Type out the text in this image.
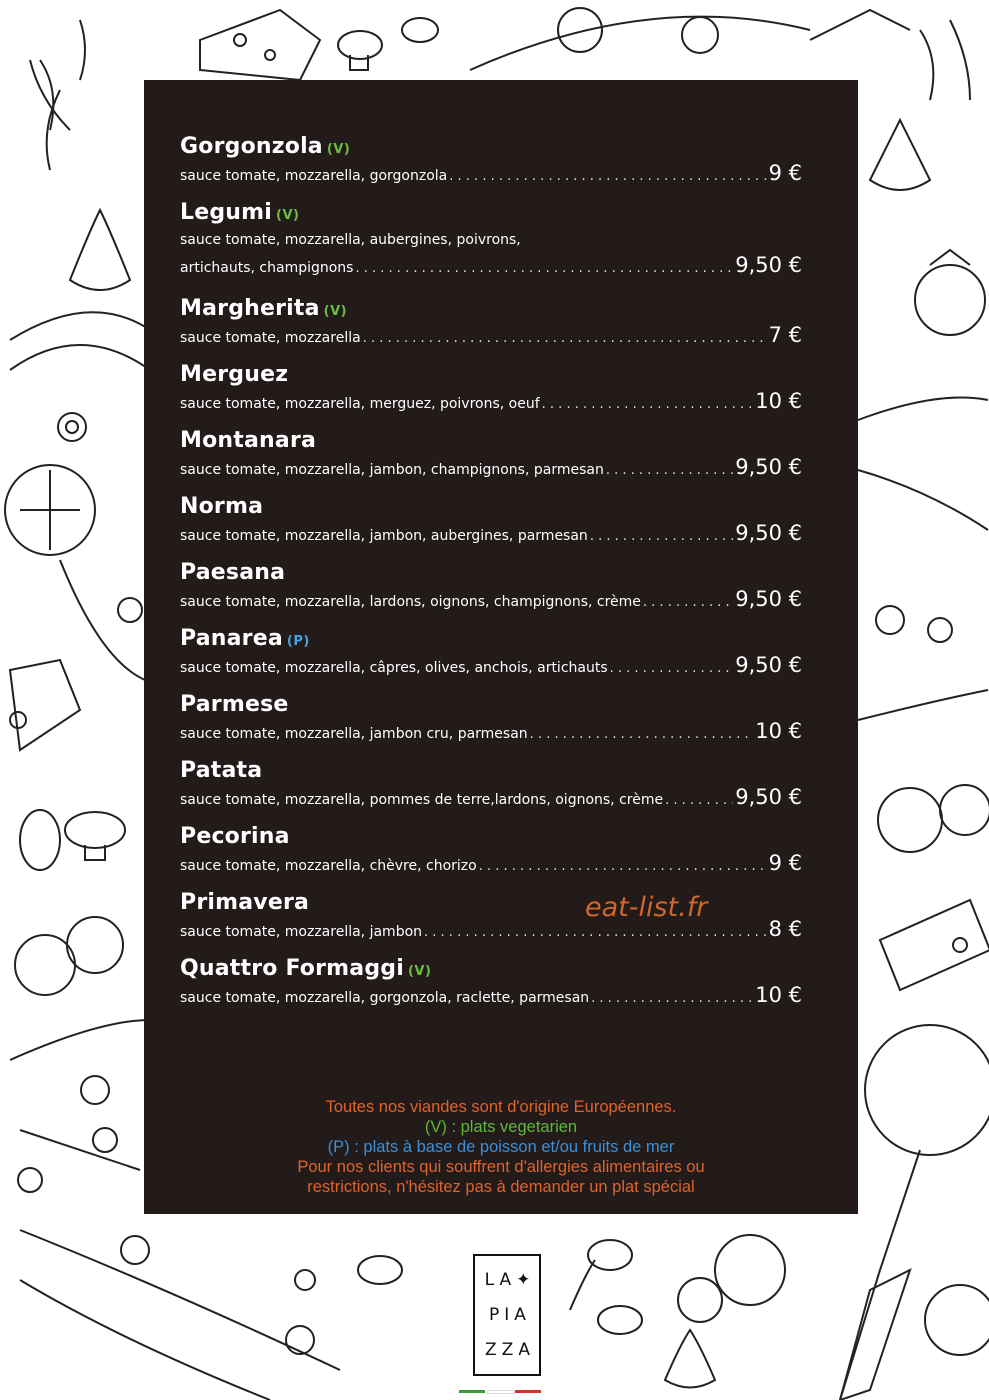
Gorgonzola (V)
sauce tomate, mozzarella, gorgonzola . . .	9 €
Legumi (V)
sauce tomate, mozzarella, aubergines, poivrons,
artichauts, champignons . . .	9,50 €
Margherita (V)
sauce tomate, mozzarella . . .	7 €
Merguez
sauce tomate, mozzarella, merguez, poivrons, oeuf . . .	10 €
Montanara
sauce tomate, mozzarella, jambon, champignons, parmesan . . .	9,50 €
Norma
sauce tomate, mozzarella, jambon, aubergines, parmesan . . .	9,50 €
Paesana
sauce tomate, mozzarella, lardons, oignons, champignons, crème . . .	9,50 €
Panarea (P)
sauce tomate, mozzarella, câpres, olives, anchois, artichauts . . .	9,50 €
Parmese
sauce tomate, mozzarella, jambon cru, parmesan . . .	10 €
Patata
sauce tomate, mozzarella, pommes de terre,lardons, oignons, crème . . .	9,50 €
Pecorina
sauce tomate, mozzarella, chèvre, chorizo . . .	9 €
Primavera
sauce tomate, mozzarella, jambon . . .	8 €
Quattro Formaggi (V)
sauce tomate, mozzarella, gorgonzola, raclette, parmesan . . .	10 €
eat-list.fr
Toutes nos viandes sont d'origine Européennes.
(V) : plats vegetarien
(P) : plats à base de poisson et/ou fruits de mer
Pour nos clients qui souffrent d'allergies alimentaires ou
restrictions, n'hésitez pas à demander un plat spécial
LA✦
PIA
ZZA
